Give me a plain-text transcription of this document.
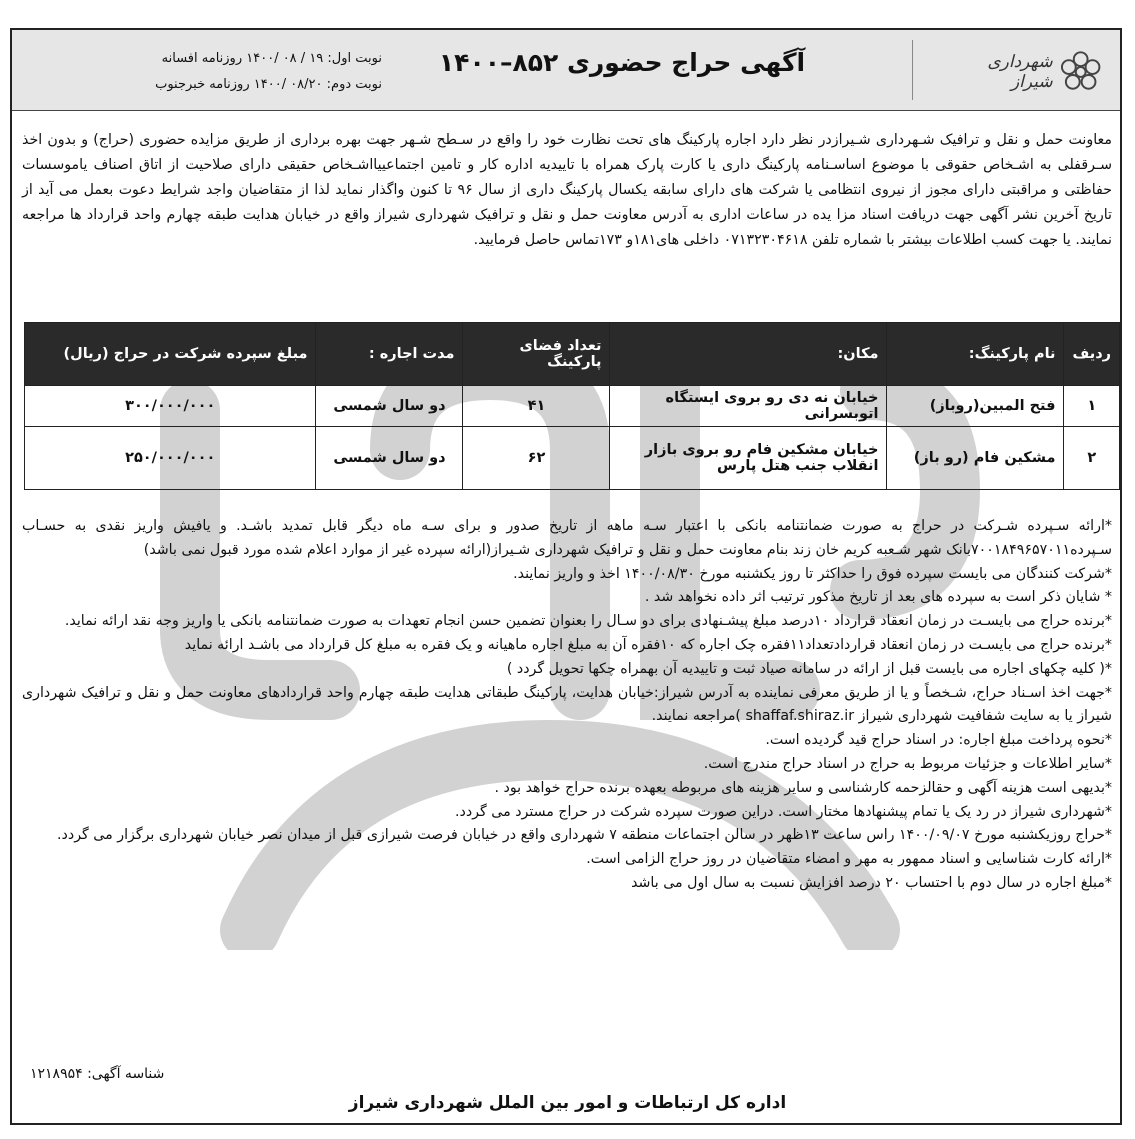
شهرداری شیراز
آگهی حراج حضوری ۸۵۲–۱۴۰۰
نوبت اول: ۱۹ / ۰۸ /۱۴۰۰ روزنامه افسانه
نوبت دوم: ۰۸/۲۰ /۱۴۰۰ روزنامه خبرجنوب
معاونت حمل و نقل و ترافیک شـهرداری شـیرازدر نظر دارد اجاره پارکینگ های تحت نظارت خود را واقع در سـطح شـهر جهت بهره برداری از طریق مزایده حضوری (حراج) و بدون اخذ سـرقفلی به اشـخاص حقوقی با موضوع اساسـنامه پارکینگ داری یا کارت پارک همراه با تاییدیه اداره کار و تامین اجتماعییااشـخاص حقیقی دارای صلاحیت از اتاق اصناف یاموسسات حفاظتی و مراقبتی دارای مجوز از نیروی انتظامی یا شرکت های دارای سابقه یکسال پارکینگ داری از سال ۹۶ تا کنون واگذار نماید لذا از متقاضیان واجد شرایط دعوت بعمل می آید از تاریخ آخرین نشر آگهی جهت دریافت اسناد مزا یده در ساعات اداری به آدرس معاونت حمل و نقل و ترافیک شهرداری شیراز واقع در خیابان هدایت طبقه چهارم واحد قرارداد ها مراجعه نمایند. یا جهت کسب اطلاعات بیشتر با شماره تلفن ۰۷۱۳۲۳۰۴۶۱۸ داخلی های۱۸۱و ۱۷۳تماس حاصل فرمایید.
ردیف	نام پارکینگ:	مکان:	تعداد فضای پارکینگ	مدت اجاره :	مبلغ سپرده شرکت در حراج (ریال)
۱	فتح المبین(روباز)	خیابان نه دی رو بروی ایستگاه اتوبسرانی	۴۱	دو سال شمسی	۳۰۰/۰۰۰/۰۰۰
۲	مشکین فام (رو باز)	خیابان مشکین فام رو بروی بازار انقلاب جنب هتل پارس	۶۲	دو سال شمسی	۲۵۰/۰۰۰/۰۰۰

*ارائه سـپرده شـرکت در حراج به صورت ضمانتنامه بانکی با اعتبار سـه ماهه از تاریخ صدور و برای سـه ماه دیگر قابل تمدید باشـد. و یافیش واریز نقدی به حسـاب سـپرده۷۰۰۱۸۴۹۶۵۷۰۱۱بانک شهر شـعبه کریم خان زند بنام معاونت حمل و نقل و ترافیک شهرداری شـیراز(ارائه سپرده غیر از موارد اعلام شده مورد قبول نمی باشد)

*شرکت کنندگان می بایست سپرده فوق را حداکثر تا روز یکشنبه مورخ ۱۴۰۰/۰۸/۳۰ اخذ و واریز نمایند.

* شایان ذکر است به سپرده های بعد از تاریخ مذکور ترتیب اثر داده نخواهد شد .

*برنده حراج می بایسـت در زمان انعقاد قرارداد ۱۰درصد مبلغ پیشـنهادی برای دو سـال را بعنوان تضمین حسن انجام تعهدات به صورت ضمانتنامه بانکی یا واریز وجه نقد ارائه نماید.

*برنده حراج می بایسـت در زمان انعقاد قراردادتعداد۱۱فقره چک اجاره که ۱۰فقره آن به مبلغ اجاره ماهیانه و یک فقره به مبلغ کل قرارداد می باشـد ارائه نماید

*( کلیه چکهای اجاره می بایست قبل از ارائه در سامانه صیاد ثبت و تاییدیه آن بهمراه چکها تحویل گردد )

*جهت اخذ اسـناد حراج، شـخصاً و یا از طریق معرفی نماینده به آدرس شیراز:خیابان هدایت، پارکینگ طبقاتی هدایت طبقه چهارم واحد قراردادهای معاونت حمل و نقل و ترافیک شهرداری شیراز یا به سایت شفافیت شهرداری شیراز shaffaf.shiraz.ir )مراجعه نمایند.

*نحوه پرداخت مبلغ اجاره: در اسناد حراج قید گردیده است.

*سایر اطلاعات و جزئیات مربوط به حراج در اسناد حراج مندرج است.

*بدیهی است هزینه آگهی و حقالزحمه کارشناسی و سایر هزینه های مربوطه بعهده برنده حراج خواهد بود .

*شهرداری شیراز در رد یک یا تمام پیشنهادها مختار است. دراین صورت سپرده شرکت در حراج مسترد می گردد.

*حراج روزیکشنبه مورخ ۱۴۰۰/۰۹/۰۷ راس ساعت ۱۳ظهر در سالن اجتماعات منطقه ۷ شهرداری واقع در خیابان فرصت شیرازی قبل از میدان نصر خیابان شهرداری برگزار می گردد.

*ارائه کارت شناسایی و اسناد ممهور به مهر و امضاء متقاضیان در روز حراج الزامی است.

*مبلغ اجاره در سال دوم با احتساب ۲۰ درصد افزایش نسبت به سال اول می باشد

شناسه آگهی: ۱۲۱۸۹۵۴
اداره کل ارتباطات و امور بین الملل شهرداری شیراز
